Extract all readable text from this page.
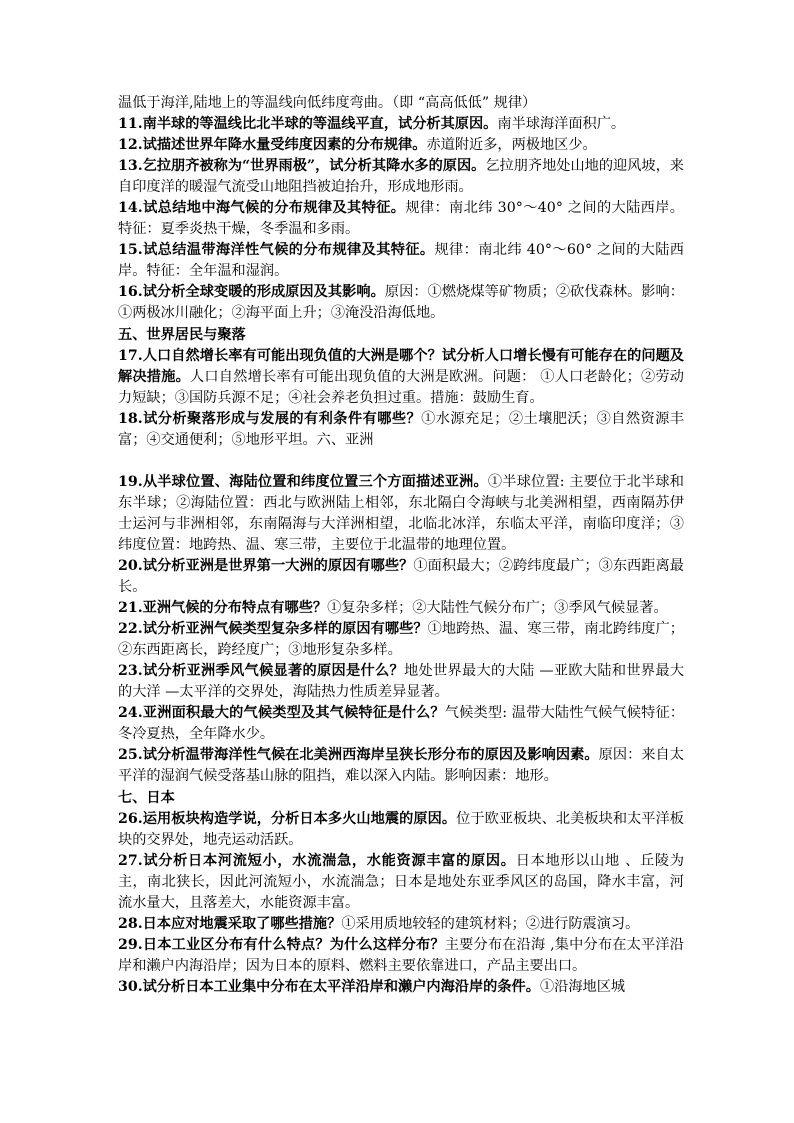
温低于海洋,陆地上的等温线向低纬度弯曲。（即 “高高低低” 规律）

11.南半球的等温线比北半球的等温线平直，试分析其原因。南半球海洋面积广。

12.试描述世界年降水量受纬度因素的分布规律。赤道附近多，两极地区少。

13.乞拉朋齐被称为“世界雨极”，试分析其降水多的原因。乞拉朋齐地处山地的迎风坡，来自印度洋的暖湿气流受山地阻挡被迫抬升，形成地形雨。

14.试总结地中海气候的分布规律及其特征。规律：南北纬 30°～40° 之间的大陆西岸。特征：夏季炎热干燥，冬季温和多雨。

15.试总结温带海洋性气候的分布规律及其特征。规律：南北纬 40°～60° 之间的大陆西岸。特征：全年温和湿润。

16.试分析全球变暖的形成原因及其影响。原因：①燃烧煤等矿物质；②砍伐森林。影响：①两极冰川融化；②海平面上升；③淹没沿海低地。

五、世界居民与聚落

17.人口自然增长率有可能出现负值的大洲是哪个？试分析人口增长慢有可能存在的问题及解决措施。人口自然增长率有可能出现负值的大洲是欧洲。问题： ①人口老龄化；②劳动力短缺；③国防兵源不足；④社会养老负担过重。措施：鼓励生育。

18.试分析聚落形成与发展的有利条件有哪些？①水源充足；②土壤肥沃；③自然资源丰富；④交通便利；⑤地形平坦。六、亚洲

19.从半球位置、海陆位置和纬度位置三个方面描述亚洲。①半球位置: 主要位于北半球和东半球；②海陆位置：西北与欧洲陆上相邻，东北隔白令海峡与北美洲相望，西南隔苏伊士运河与非洲相邻，东南隔海与大洋洲相望，北临北冰洋，东临太平洋，南临印度洋；③纬度位置：地跨热、温、寒三带，主要位于北温带的地理位置。

20.试分析亚洲是世界第一大洲的原因有哪些？①面积最大；②跨纬度最广；③东西距离最长。

21.亚洲气候的分布特点有哪些？①复杂多样；②大陆性气候分布广；③季风气候显著。

22.试分析亚洲气候类型复杂多样的原因有哪些？①地跨热、温、寒三带，南北跨纬度广；②东西距离长，跨经度广；③地形复杂多样。

23.试分析亚洲季风气候显著的原因是什么？地处世界最大的大陆 —亚欧大陆和世界最大的大洋 —太平洋的交界处，海陆热力性质差异显著。

24.亚洲面积最大的气候类型及其气候特征是什么？气候类型: 温带大陆性气候气候特征：冬冷夏热，全年降水少。

25.试分析温带海洋性气候在北美洲西海岸呈狭长形分布的原因及影响因素。原因：来自太平洋的湿润气候受落基山脉的阻挡，难以深入内陆。影响因素：地形。

七、日本

26.运用板块构造学说，分析日本多火山地震的原因。位于欧亚板块、北美板块和太平洋板块的交界处，地壳运动活跃。

27.试分析日本河流短小，水流湍急，水能资源丰富的原因。日本地形以山地 、丘陵为主，南北狭长，因此河流短小，水流湍急；日本是地处东亚季风区的岛国，降水丰富，河流水量大，且落差大，水能资源丰富。

28.日本应对地震采取了哪些措施？①采用质地较轻的建筑材料；②进行防震演习。

29.日本工业区分布有什么特点？为什么这样分布？主要分布在沿海 ,集中分布在太平洋沿岸和濑户内海沿岸；因为日本的原料、燃料主要依靠进口，产品主要出口。

30.试分析日本工业集中分布在太平洋沿岸和濑户内海沿岸的条件。①沿海地区城
